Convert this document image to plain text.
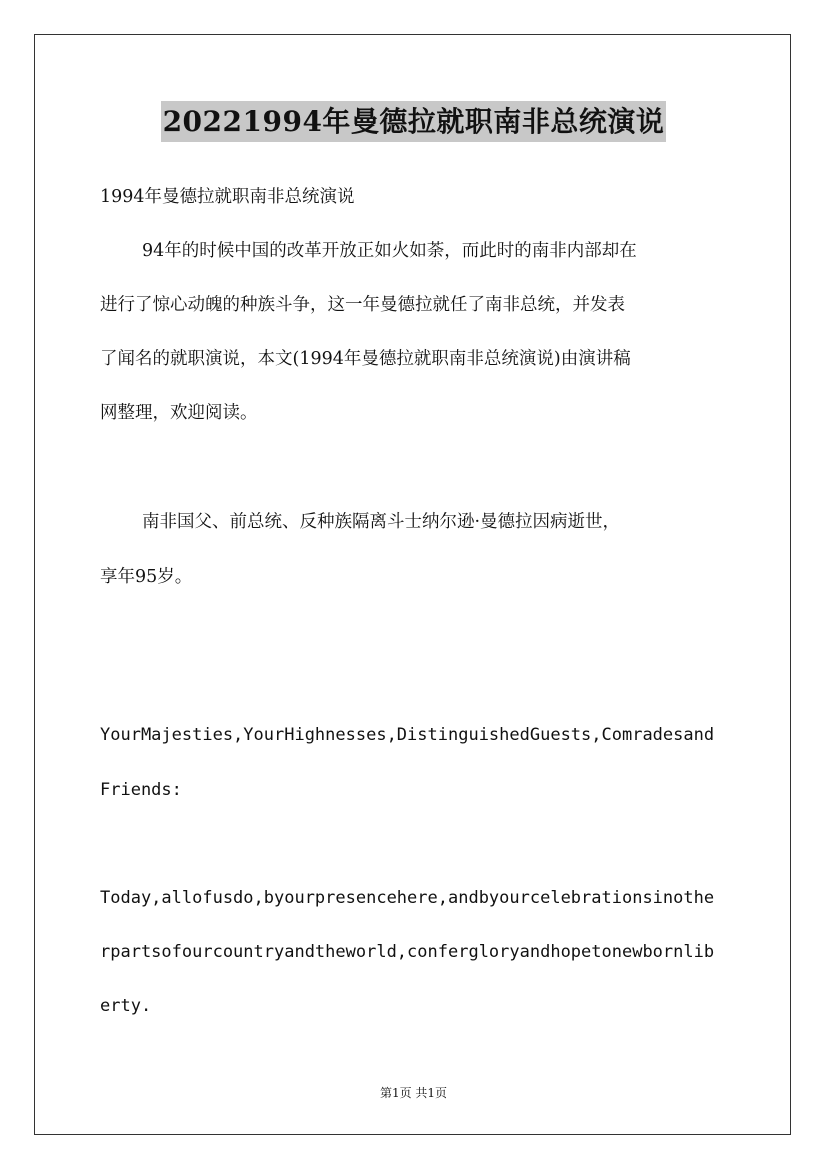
20221994年曼德拉就职南非总统演说
1994年曼德拉就职南非总统演说
94年的时候中国的改革开放正如火如荼，而此时的南非内部却在
进行了惊心动魄的种族斗争，这一年曼德拉就任了南非总统，并发表
了闻名的就职演说，本文(1994年曼德拉就职南非总统演说)由演讲稿
网整理，欢迎阅读。
南非国父、前总统、反种族隔离斗士纳尔逊·曼德拉因病逝世，
享年95岁。
YourMajesties,YourHighnesses,DistinguishedGuests,Comradesand
Friends:
Today,allofusdo,byourpresencehere,andbyourcelebrationsinothe
rpartsofourcountryandtheworld,confergloryandhopetonewbornlib
erty.
第1页 共1页
